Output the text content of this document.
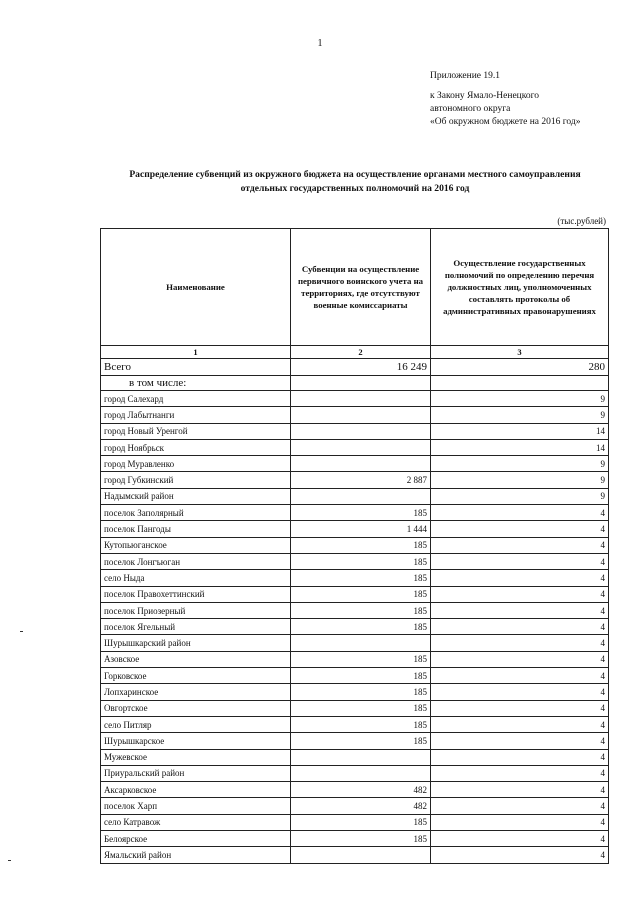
1
Приложение 19.1
к Закону Ямало-Ненецкого
автономного округа
«Об окружном бюджете на 2016 год»
Распределение субвенций из окружного бюджета на осуществление органами местного самоуправления
отдельных государственных полномочий на 2016 год
(тыс.рублей)
Наименование	Субвенции на осуществление первичного воинского учета на территориях, где отсутствуют военные комиссариаты	Осуществление государственных полномочий по определению перечня должностных лиц, уполномоченных составлять протоколы об административных правонарушениях
1	2	3
Всего	16 249	280
в том числе:		
город Салехард		9
город Лабытнанги		9
город Новый Уренгой		14
город Ноябрьск		14
город Муравленко		9
город Губкинский	2 887	9
Надымский район		9
поселок Заполярный	185	4
поселок Пангоды	1 444	4
Кутопьюганское	185	4
поселок Лонгъюган	185	4
село Ныда	185	4
поселок Правохеттинский	185	4
поселок Приозерный	185	4
поселок Ягельный	185	4
Шурышкарский район		4
Азовское	185	4
Горковское	185	4
Лопхаринское	185	4
Овгортское	185	4
село Питляр	185	4
Шурышкарское	185	4
Мужевское		4
Приуральский район		4
Аксарковское	482	4
поселок Харп	482	4
село Катравож	185	4
Белоярское	185	4
Ямальский район		4
